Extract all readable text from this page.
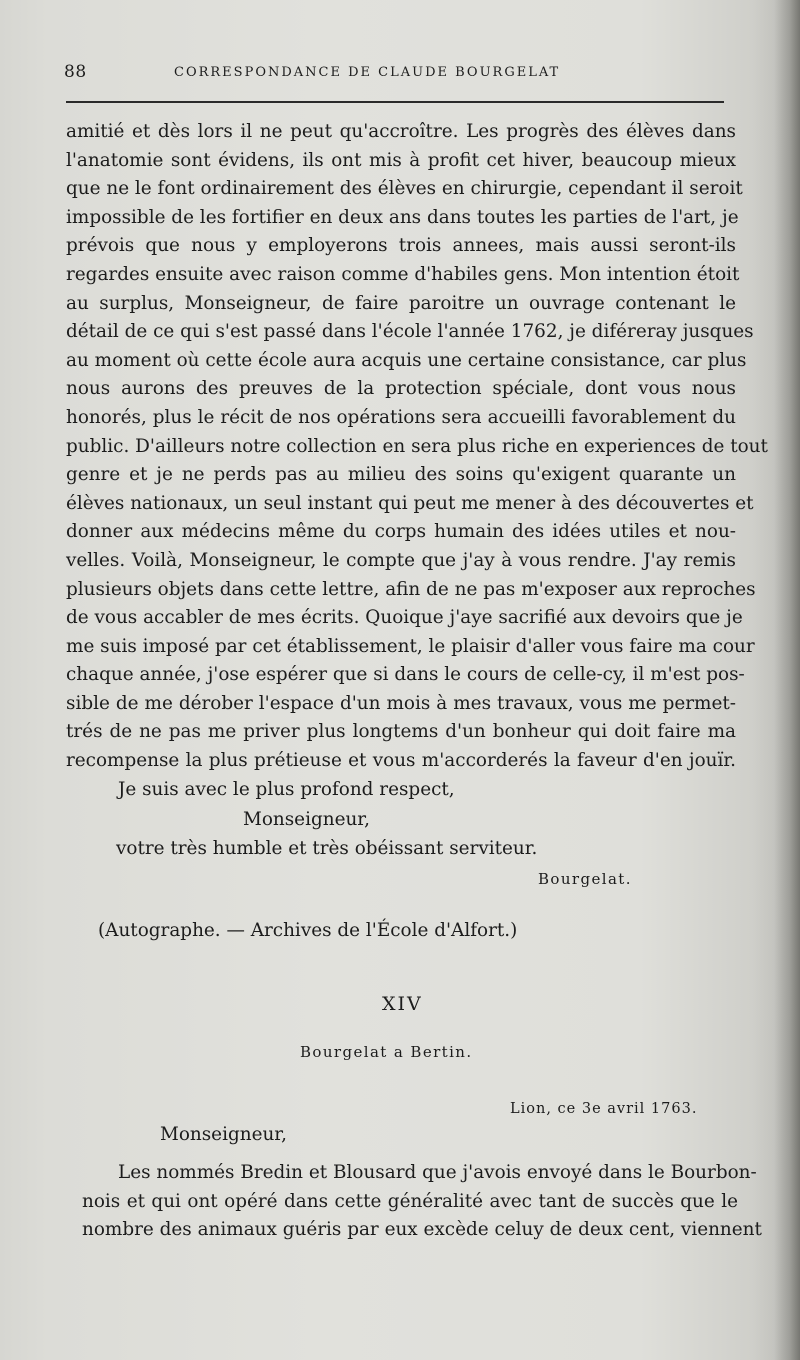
88	CORRESPONDANCE DE CLAUDE BOURGELAT
amitié et dès lors il ne peut qu'accroître. Les progrès des élèves dans
l'anatomie sont évidens, ils ont mis à profit cet hiver, beaucoup mieux
que ne le font ordinairement des élèves en chirurgie, cependant il seroit
impossible de les fortifier en deux ans dans toutes les parties de l'art, je
prévois que nous y employerons trois annees, mais aussi seront-ils
regardes ensuite avec raison comme d'habiles gens. Mon intention étoit
au surplus, Monseigneur, de faire paroitre un ouvrage contenant le
détail de ce qui s'est passé dans l'école l'année 1762, je diféreray jusques
au moment où cette école aura acquis une certaine consistance, car plus
nous aurons des preuves de la protection spéciale, dont vous nous
honorés, plus le récit de nos opérations sera accueilli favorablement du
public. D'ailleurs notre collection en sera plus riche en experiences de tout
genre et je ne perds pas au milieu des soins qu'exigent quarante un
élèves nationaux, un seul instant qui peut me mener à des découvertes et
donner aux médecins même du corps humain des idées utiles et nou-
velles. Voilà, Monseigneur, le compte que j'ay à vous rendre. J'ay remis
plusieurs objets dans cette lettre, afin de ne pas m'exposer aux reproches
de vous accabler de mes écrits. Quoique j'aye sacrifié aux devoirs que je
me suis imposé par cet établissement, le plaisir d'aller vous faire ma cour
chaque année, j'ose espérer que si dans le cours de celle-cy, il m'est pos-
sible de me dérober l'espace d'un mois à mes travaux, vous me permet-
trés de ne pas me priver plus longtems d'un bonheur qui doit faire ma
recompense la plus prétieuse et vous m'accorderés la faveur d'en jouïr.
Je suis avec le plus profond respect,
Monseigneur,
votre très humble et très obéissant serviteur.
Bourgelat.
(Autographe. — Archives de l'École d'Alfort.)
XIV
Bourgelat a Bertin.
Lion, ce 3e avril 1763.
Monseigneur,
Les nommés Bredin et Blousard que j'avois envoyé dans le Bourbon-
nois et qui ont opéré dans cette généralité avec tant de succès que le
nombre des animaux guéris par eux excède celuy de deux cent, viennent
